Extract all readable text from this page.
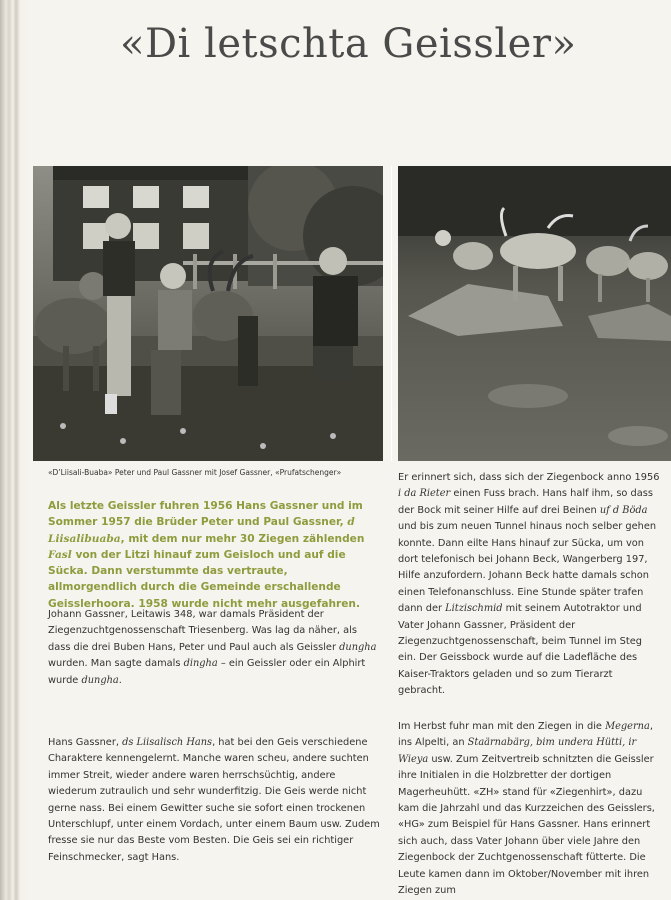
«Di letschta Geissler»
«D’Liisali-Buaba» Peter und Paul Gassner mit Josef Gassner, «Prufatschenger»

Als letzte Geissler fuhren 1956 Hans Gassner und im Sommer 1957 die Brüder Peter und Paul Gassner, d Liisalibuaba, mit dem nur mehr 30 Ziegen zählenden Fasl von der Litzi hinauf zum Geisloch und auf die Sücka. Dann verstummte das vertraute, allmorgendlich durch die Gemeinde erschallende Geisslerhoora. 1958 wurde nicht mehr ausgefahren.

Johann Gassner, Leitawis 348, war damals Präsident der Ziegenzuchtgenossenschaft Triesenberg. Was lag da näher, als dass die drei Buben Hans, Peter und Paul auch als Geissler dungha wurden. Man sagte damals dingha – ein Geissler oder ein Alphirt wurde dungha.

Hans Gassner, ds Liisalisch Hans, hat bei den Geis verschiedene Charaktere kennengelernt. Manche waren scheu, andere suchten immer Streit, wieder andere waren herrschsüchtig, andere wiederum zutraulich und sehr wunderfitzig. Die Geis werde nicht gerne nass. Bei einem Gewitter suche sie sofort einen trockenen Unterschlupf, unter einem Vordach, unter einem Baum usw. Zudem fresse sie nur das Beste vom Besten. Die Geis sei ein richtiger Feinschmecker, sagt Hans.

Er erinnert sich, dass sich der Ziegenbock anno 1956 i da Rieter einen Fuss brach. Hans half ihm, so dass der Bock mit seiner Hilfe auf drei Beinen uf d Böda und bis zum neuen Tunnel hinaus noch selber gehen konnte. Dann eilte Hans hinauf zur Sücka, um von dort telefonisch bei Johann Beck, Wangerberg 197, Hilfe anzufordern. Johann Beck hatte damals schon einen Telefonanschluss. Eine Stunde später trafen dann der Litzischmid mit seinem Autotraktor und Vater Johann Gassner, Präsident der Ziegenzuchtgenossenschaft, beim Tunnel im Steg ein. Der Geissbock wurde auf die Ladefläche des Kaiser-Traktors geladen und so zum Tierarzt gebracht.

Im Herbst fuhr man mit den Ziegen in die Megerna, ins Alpelti, an Staärnabärg, bim undera Hütti, ir Wieya usw. Zum Zeitvertreib schnitzten die Geissler ihre Initialen in die Holzbretter der dortigen Magerheuhütt. «ZH» stand für «Ziegenhirt», dazu kam die Jahrzahl und das Kurzzeichen des Geisslers, «HG» zum Beispiel für Hans Gassner. Hans erinnert sich auch, dass Vater Johann über viele Jahre den Ziegenbock der Zuchtgenossenschaft fütterte. Die Leute kamen dann im Oktober/November mit ihren Ziegen zum
